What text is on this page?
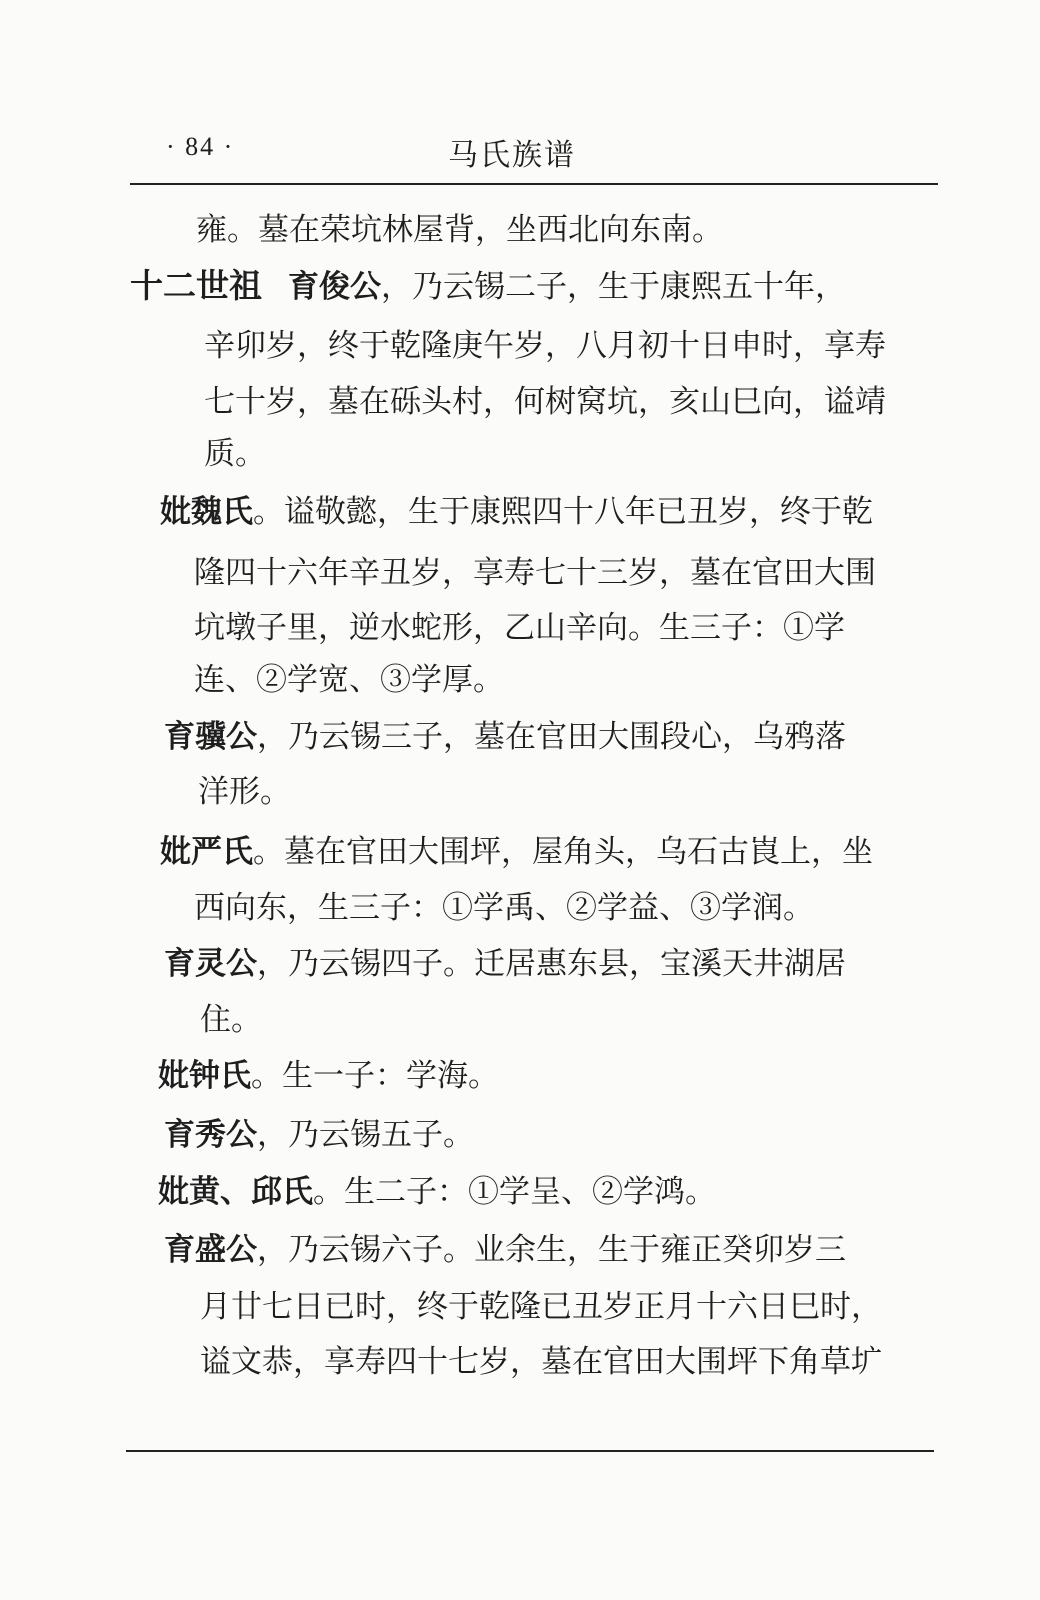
· 84 ·	马氏族谱
雍。墓在荣坑林屋背，坐西北向东南。
十二世祖 育俊公，乃云锡二子，生于康熙五十年，
辛卯岁，终于乾隆庚午岁，八月初十日申时，享寿
七十岁，墓在砾头村，何树窝坑，亥山巳向，谥靖
质。
妣魏氏。谥敬懿，生于康熙四十八年已丑岁，终于乾
隆四十六年辛丑岁，享寿七十三岁，墓在官田大围
坑墩子里，逆水蛇形，乙山辛向。生三子：①学
连、②学宽、③学厚。
育骥公，乃云锡三子，墓在官田大围段心，乌鸦落
洋形。
妣严氏。墓在官田大围坪，屋角头，乌石古崀上，坐
西向东，生三子：①学禹、②学益、③学润。
育灵公，乃云锡四子。迁居惠东县，宝溪天井湖居
住。
妣钟氏。生一子：学海。
育秀公，乃云锡五子。
妣黄、邱氏。生二子：①学呈、②学鸿。
育盛公，乃云锡六子。业余生，生于雍正癸卯岁三
月廿七日已时，终于乾隆已丑岁正月十六日巳时，
谥文恭，享寿四十七岁，墓在官田大围坪下角草圹
